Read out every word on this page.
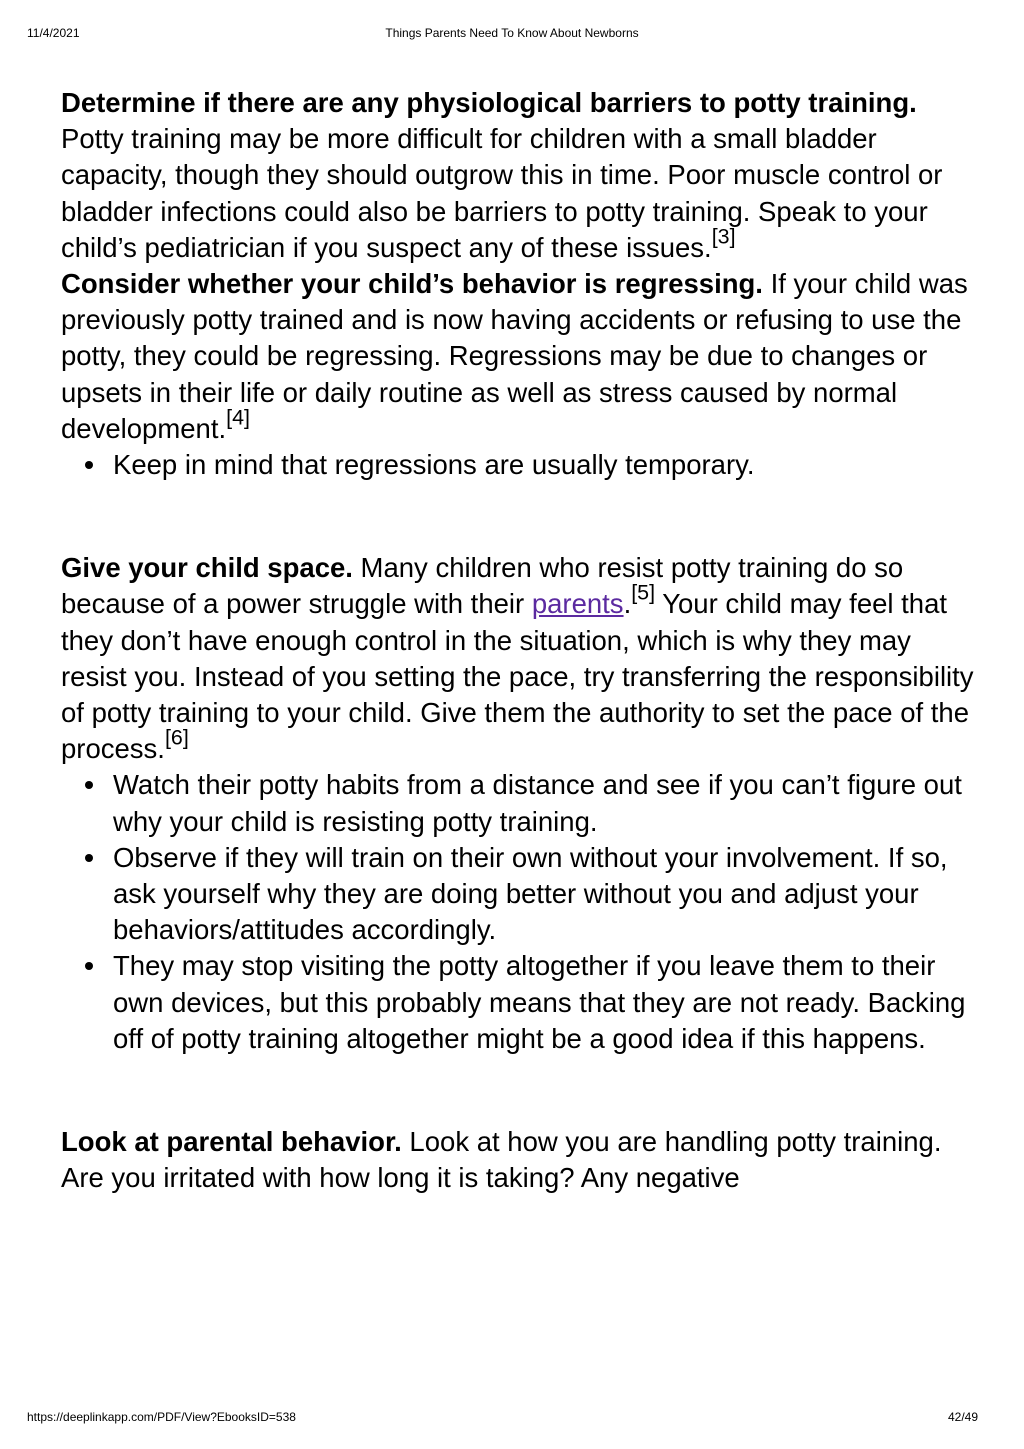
11/4/2021	Things Parents Need To Know About Newborns

Determine if there are any physiological barriers to potty training. Potty training may be more difficult for children with a small bladder capacity, though they should outgrow this in time. Poor muscle control or bladder infections could also be barriers to potty training. Speak to your child’s pediatrician if you suspect any of these issues.[3]

Consider whether your child’s behavior is regressing. If your child was previously potty trained and is now having accidents or refusing to use the potty, they could be regressing. Regressions may be due to changes or upsets in their life or daily routine as well as stress caused by normal development.[4]

Keep in mind that regressions are usually temporary.

Give your child space. Many children who resist potty training do so because of a power struggle with their parents.[5] Your child may feel that they don’t have enough control in the situation, which is why they may resist you. Instead of you setting the pace, try transferring the responsibility of potty training to your child. Give them the authority to set the pace of the process.[6]

Watch their potty habits from a distance and see if you can’t figure out why your child is resisting potty training.
Observe if they will train on their own without your involvement. If so, ask yourself why they are doing better without you and adjust your behaviors/attitudes accordingly.
They may stop visiting the potty altogether if you leave them to their own devices, but this probably means that they are not ready. Backing off of potty training altogether might be a good idea if this happens.

Look at parental behavior. Look at how you are handling potty training. Are you irritated with how long it is taking? Any negative

https://deeplinkapp.com/PDF/View?EbooksID=538	42/49
